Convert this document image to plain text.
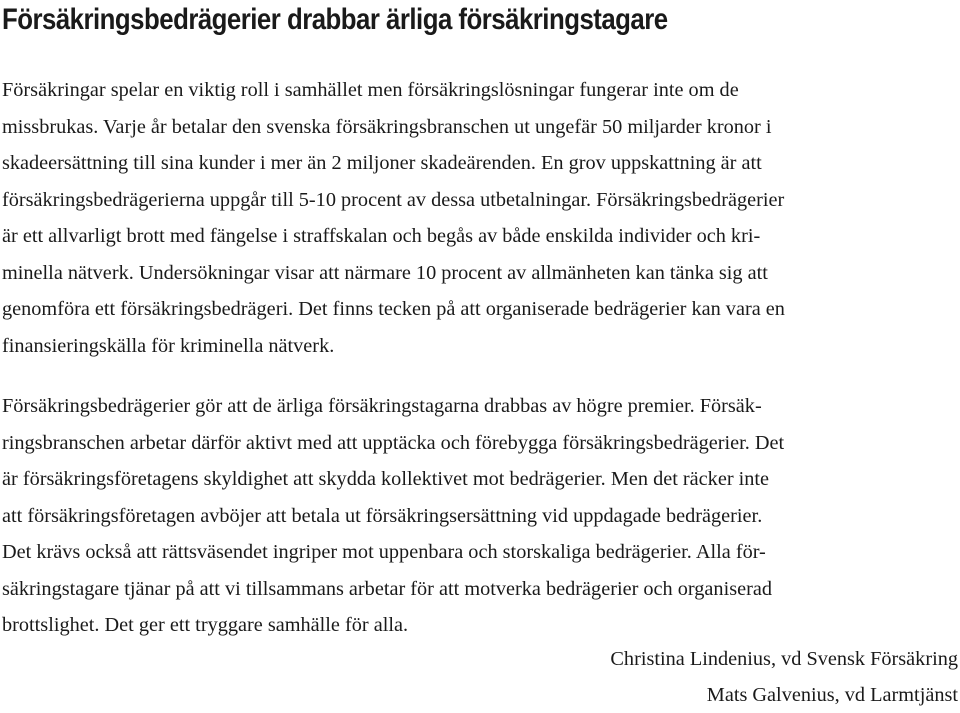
Försäkringsbedrägerier drabbar ärliga försäkringstagare

Försäkringar spelar en viktig roll i samhället men försäkringslösningar fungerar inte om de
missbrukas. Varje år betalar den svenska försäkringsbranschen ut ungefär 50 miljarder kronor i
skadeersättning till sina kunder i mer än 2 miljoner skadeärenden. En grov uppskattning är att
försäkringsbedrägerierna uppgår till 5-10 procent av dessa utbetalningar. Försäkringsbedrägerier
är ett allvarligt brott med fängelse i straffskalan och begås av både enskilda individer och kri-
minella nätverk. Undersökningar visar att närmare 10 procent av allmänheten kan tänka sig att
genomföra ett försäkringsbedrägeri. Det finns tecken på att organiserade bedrägerier kan vara en
finansieringskälla för kriminella nätverk.

Försäkringsbedrägerier gör att de ärliga försäkringstagarna drabbas av högre premier. Försäk-
ringsbranschen arbetar därför aktivt med att upptäcka och förebygga försäkringsbedrägerier. Det
är försäkringsföretagens skyldighet att skydda kollektivet mot bedrägerier. Men det räcker inte
att försäkringsföretagen avböjer att betala ut försäkringsersättning vid uppdagade bedrägerier.
Det krävs också att rättsväsendet ingriper mot uppenbara och storskaliga bedrägerier. Alla för-
säkringstagare tjänar på att vi tillsammans arbetar för att motverka bedrägerier och organiserad
brottslighet. Det ger ett tryggare samhälle för alla.

Christina Lindenius, vd Svensk Försäkring

Mats Galvenius, vd Larmtjänst
